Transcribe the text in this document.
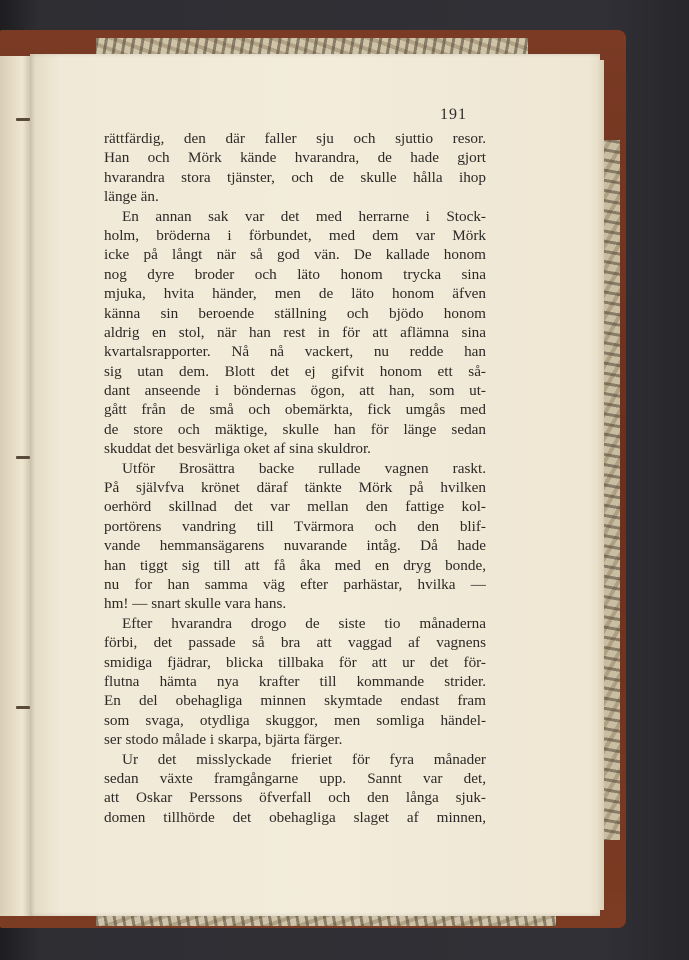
191
rättfärdig, den där faller sju och sjuttio resor.
Han och Mörk kände hvarandra, de hade gjort
hvarandra stora tjänster, och de skulle hålla ihop
länge än.
En annan sak var det med herrarne i Stock-
holm, bröderna i förbundet, med dem var Mörk
icke på långt när så god vän. De kallade honom
nog dyre broder och läto honom trycka sina
mjuka, hvita händer, men de läto honom äfven
känna sin beroende ställning och bjödo honom
aldrig en stol, när han rest in för att aflämna sina
kvartalsrapporter. Nå nå vackert, nu redde han
sig utan dem. Blott det ej gifvit honom ett så-
dant anseende i böndernas ögon, att han, som ut-
gått från de små och obemärkta, fick umgås med
de store och mäktige, skulle han för länge sedan
skuddat det besvärliga oket af sina skuldror.
Utför Brosättra backe rullade vagnen raskt.
På självfva krönet däraf tänkte Mörk på hvilken
oerhörd skillnad det var mellan den fattige kol-
portörens vandring till Tvärmora och den blif-
vande hemmansägarens nuvarande intåg. Då hade
han tiggt sig till att få åka med en dryg bonde,
nu for han samma väg efter parhästar, hvilka —
hm! — snart skulle vara hans.
Efter hvarandra drogo de siste tio månaderna
förbi, det passade så bra att vaggad af vagnens
smidiga fjädrar, blicka tillbaka för att ur det för-
flutna hämta nya krafter till kommande strider.
En del obehagliga minnen skymtade endast fram
som svaga, otydliga skuggor, men somliga händel-
ser stodo målade i skarpa, bjärta färger.
Ur det misslyckade frieriet för fyra månader
sedan växte framgångarne upp. Sannt var det,
att Oskar Perssons öfverfall och den långa sjuk-
domen tillhörde det obehagliga slaget af minnen,
